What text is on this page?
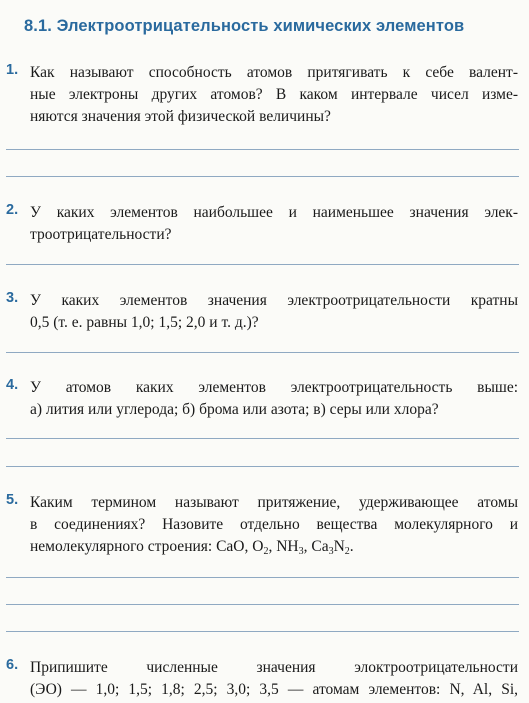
8.1. Электроотрицательность химических элементов
1. Как называют способность атомов притягивать к себе валент-
ные электроны других атомов? В каком интервале чисел изме-
няются значения этой физической величины?
2. У каких элементов наибольшее и наименьшее значения элек-
троотрицательности?
3. У каких элементов значения электроотрицательности кратны
0,5 (т. е. равны 1,0; 1,5; 2,0 и т. д.)?
4. У атомов каких элементов электроотрицательность выше:
а) лития или углерода; б) брома или азота; в) серы или хлора?
5. Каким термином называют притяжение, удерживающее атомы
в соединениях? Назовите отдельно вещества молекулярного и
немолекулярного строения: CaO, $O_2$, $NH_3$, $Ca_3N_2$.
6. Припишите численные значения элоктроотрицательности
(ЭО) — 1,0; 1,5; 1,8; 2,5; 3,0; 3,5 — атомам элементов: N, Al, Si,
